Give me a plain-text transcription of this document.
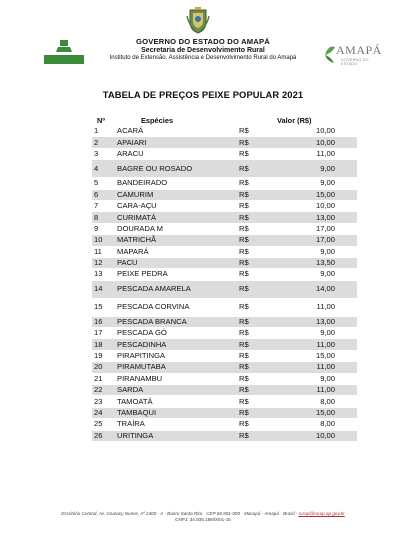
GOVERNO DO ESTADO DO AMAPÁ
Secretaria de Desenvolvimento Rural
Instituto de Extensão, Assistência e Desenvolvimento Rural do Amapá
AMAPÁ
GOVERNO DO ESTADO
TABELA DE PREÇOS PEIXE POPULAR 2021
Nº	Espécies		Valor (R$)
1	ACARÁ	R$	10,00
2	APAIARI	R$	10,00
3	ARACU	R$	11,00
4	BAGRE OU ROSADO	R$	9,00
5	BANDEIRADO	R$	9,00
6	CAMURIM	R$	15,00
7	CARA-AÇU	R$	10,00
8	CURIMATÁ	R$	13,00
9	DOURADA M	R$	17,00
10	MATRICHÃ	R$	17,00
11	MAPARÁ	R$	9,00
12	PACU	R$	13,50
13	PEIXE PEDRA	R$	9,00
14	PESCADA AMARELA	R$	14,00
15	PESCADA CORVINA	R$	11,00
16	PESCADA BRANCA	R$	13,00
17	PESCADA GÓ	R$	9,00
18	PESCADINHA	R$	11,00
19	PIRAPITINGA	R$	15,00
20	PIRAMUTABA	R$	11,00
21	PIRANAMBU	R$	9,00
22	SARDA	R$	11,00
23	TAMOATÁ	R$	8,00
24	TAMBAQUI	R$	15,00
25	TRAÍRA	R$	8,00
26	URITINGA	R$	10,00
Escritório Central, Av. Coaracy Nunes, nº 2400 - A · Bairro Santa Rita · CEP 68.901-000 · Macapá · Amapá · Brasil · rurap@rurap.ap.gov.br
CNPJ: 34.938.188/0001-15
